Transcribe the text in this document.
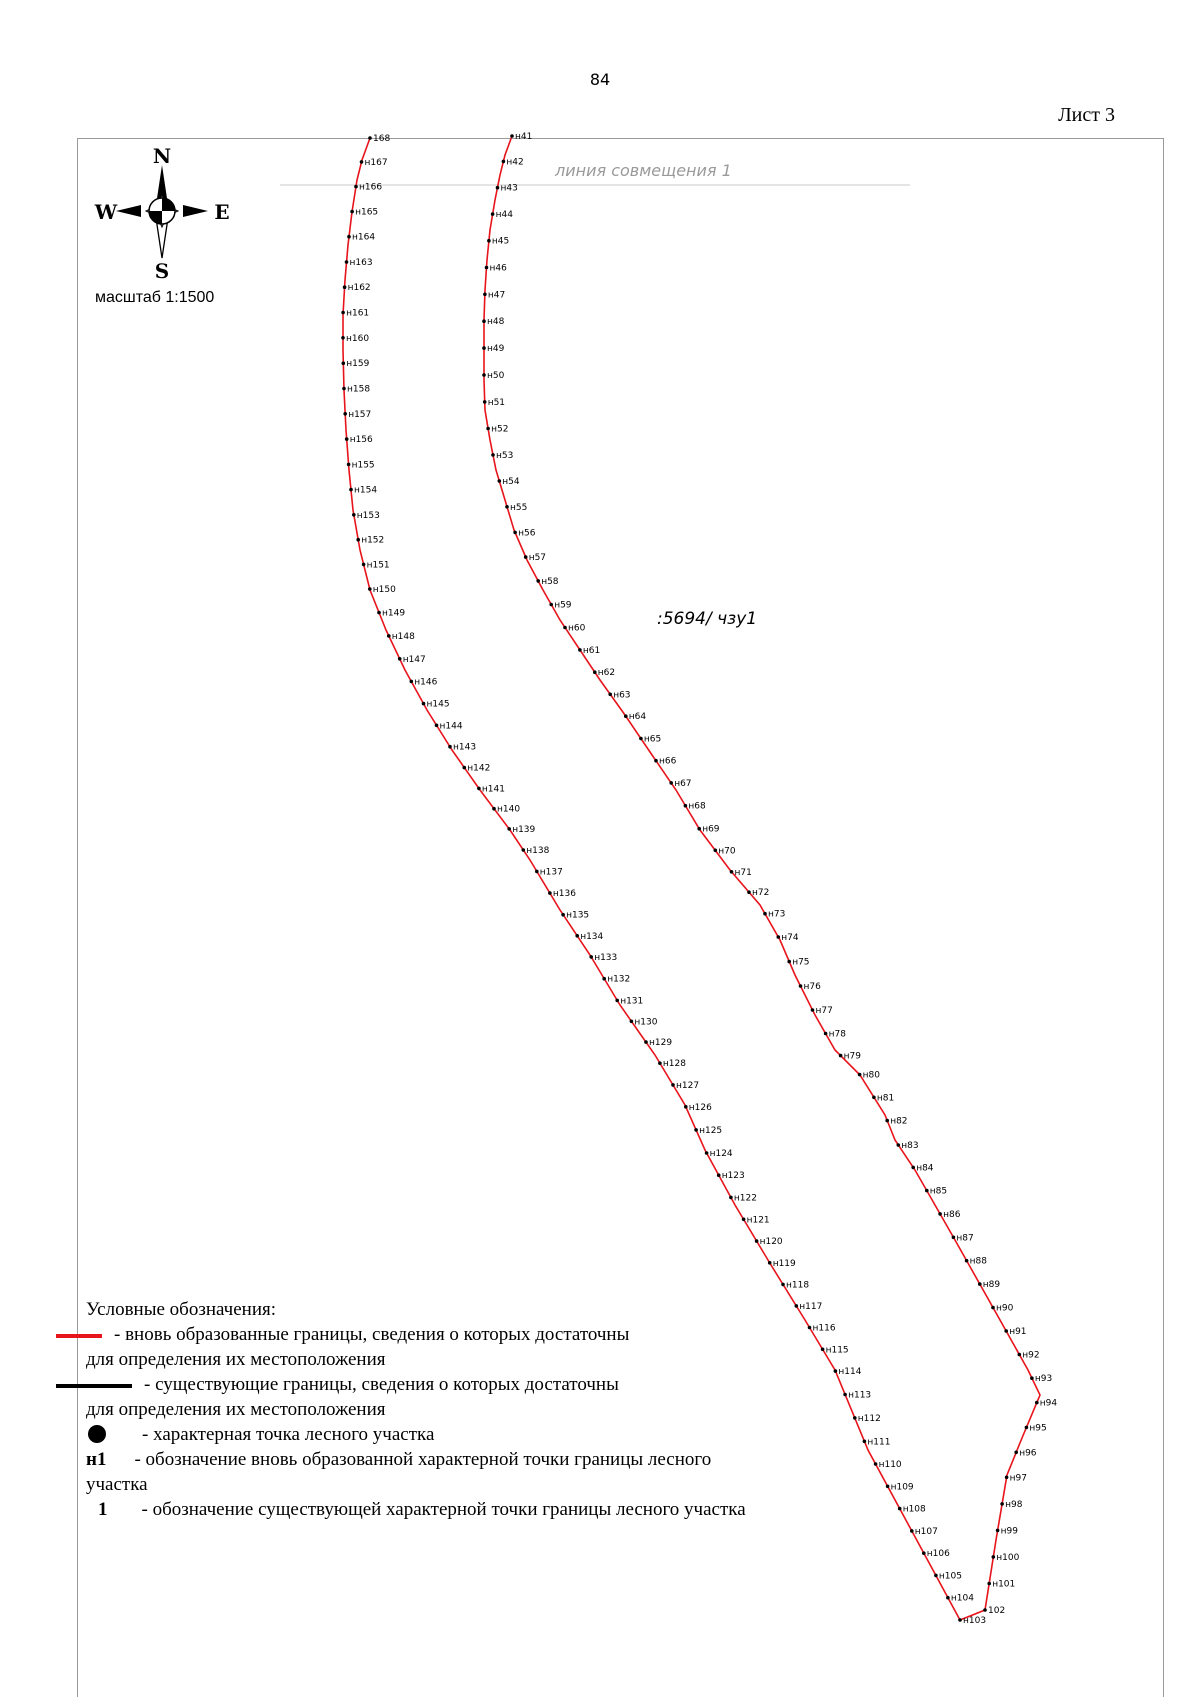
84
Лист 3
N
S
W	E
линия совмещения 1
:5694/ чзу1
168
н167
н166
н165
н164
н163
н162
н161
н160
н159
н158
н157
н156
н155
н154
н153
н152
н151
н150
н149
н148
н147
н146
н145
н144
н143
н142
н141
н140
н139
н138
н137
н136
н135
н134
н133
н132
н131
н130
н129
н128
н127
н126
н125
н124
н123
н122
н121
н120
н119
н118
н117
н116
н115
н114
н113
н112
н111
н110
н109
н108
н107
н106
н105
н104
н103
102
н101
н100
н99
н98
н97
н96
н95
н94
н93
н92
н91
н90
н89
н88
н87
н86
н85
н84
н83
н82
н81
н80
н79
н78
н77
н76
н75
н74
н73
н72
н71
н70
н69
н68
н67
н66
н65
н64
н63
н62
н61
н60
н59
н58
н57
н56
н55
н54
н53
н52
н51
н50
н49
н48
н47
н46
н45
н44
н43
н42
н41
масштаб 1:1500
Условные обозначения:
- вновь образованные границы, сведения о которых достаточны
для определения их местоположения
- существующие границы, сведения о которых достаточны
для определения их местоположения
- характерная точка лесного участка
н1 - обозначение вновь образованной характерной точки границы лесного
участка
1 - обозначение существующей характерной точки границы лесного участка
